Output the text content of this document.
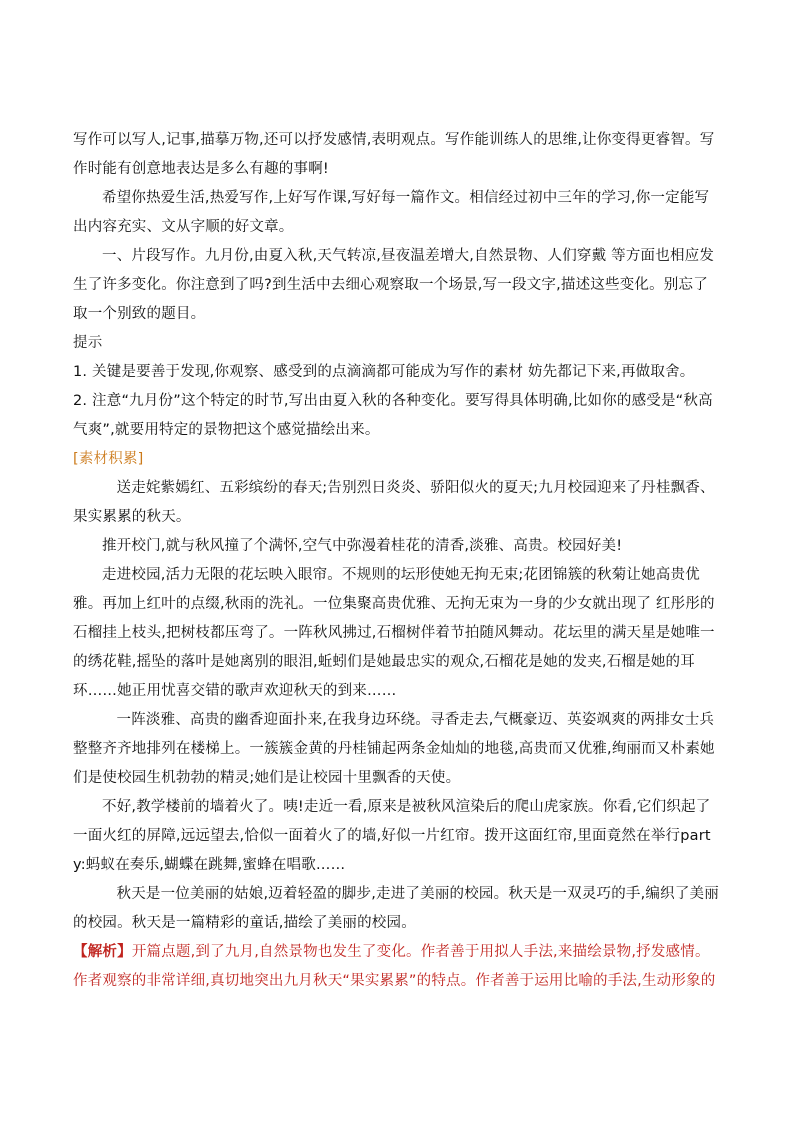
写作可以写人,记事,描摹万物,还可以抒发感情,表明观点。写作能训练人的思维,让你变得更睿智。写作时能有创意地表达是多么有趣的事啊!

希望你热爱生活,热爱写作,上好写作课,写好每一篇作文。相信经过初中三年的学习,你一定能写出内容充实、文从字顺的好文章。

一、片段写作。九月份,由夏入秋,天气转凉,昼夜温差增大,自然景物、人们穿戴 等方面也相应发生了许多变化。你注意到了吗?到生活中去细心观察取一个场景,写一段文字,描述这些变化。别忘了取一个别致的题目。

提示

1. 关键是要善于发现,你观察、感受到的点滴滴都可能成为写作的素材 妨先都记下来,再做取舍。

2. 注意“九月份”这个特定的时节,写出由夏入秋的各种变化。要写得具体明确,比如你的感受是“秋高气爽”,就要用特定的景物把这个感觉描绘出来。

[素材积累]

送走姹紫嫣红、五彩缤纷的春天;告别烈日炎炎、骄阳似火的夏天;九月校园迎来了丹桂飘香、果实累累的秋天。

推开校门,就与秋风撞了个满怀,空气中弥漫着桂花的清香,淡雅、高贵。校园好美!

走进校园,活力无限的花坛映入眼帘。不规则的坛形使她无拘无束;花团锦簇的秋菊让她高贵优雅。再加上红叶的点缀,秋雨的洗礼。一位集聚高贵优雅、无拘无束为一身的少女就出现了 红彤彤的石榴挂上枝头,把树枝都压弯了。一阵秋风拂过,石榴树伴着节拍随风舞动。花坛里的满天星是她唯一的绣花鞋,摇坠的落叶是她离别的眼泪,蚯蚓们是她最忠实的观众,石榴花是她的发夹,石榴是她的耳环……她正用忧喜交错的歌声欢迎秋天的到来……

一阵淡雅、高贵的幽香迎面扑来,在我身边环绕。寻香走去,气概豪迈、英姿飒爽的两排女士兵整整齐齐地排列在楼梯上。一簇簇金黄的丹桂铺起两条金灿灿的地毯,高贵而又优雅,绚丽而又朴素她们是使校园生机勃勃的精灵;她们是让校园十里飘香的天使。

不好,教学楼前的墙着火了。咦!走近一看,原来是被秋风渲染后的爬山虎家族。你看,它们织起了一面火红的屏障,远远望去,恰似一面着火了的墙,好似一片红帘。拨开这面红帘,里面竟然在举行party:蚂蚁在奏乐,蝴蝶在跳舞,蜜蜂在唱歌……

秋天是一位美丽的姑娘,迈着轻盈的脚步,走进了美丽的校园。秋天是一双灵巧的手,编织了美丽的校园。秋天是一篇精彩的童话,描绘了美丽的校园。

【解析】开篇点题,到了九月,自然景物也发生了变化。作者善于用拟人手法,来描绘景物,抒发感情。作者观察的非常详细,真切地突出九月秋天“果实累累”的特点。作者善于运用比喻的手法,生动形象的
